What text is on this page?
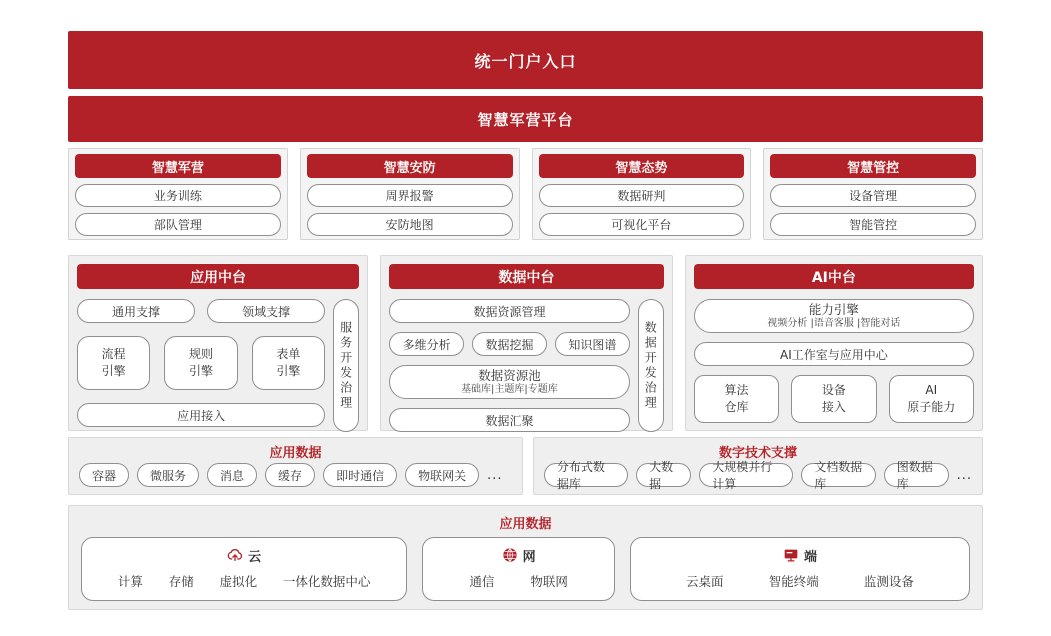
统一门户入口
智慧军营平台
智慧军营
业务训练
部队管理
智慧安防
周界报警
安防地图
智慧态势
数据研判
可视化平台
智慧管控
设备管理
智能管控
应用中台
通用支撑	领域支撑
流程
引擎
规则
引擎
表单
引擎
应用接入
服务开发治理
数据中台
数据资源管理
多维分析	数据挖掘	知识图谱
数据资源池
基础库|主题库|专题库
数据汇聚
数据开发治理
AI中台
能力引擎
视频分析 |语音客服 |智能对话
AI工作室与应用中心
算法
仓库
设备
接入
AI
原子能力
应用数据
容器	微服务	消息	缓存	即时通信	物联网关	...
数字技术支撑
分布式数据库
大数据
大规模并行计算
文档数据库
图数据库
...
应用数据
云
计算 存储 虚拟化 一体化数据中心
网
通信	物联网
端
云桌面	智能终端	监测设备
